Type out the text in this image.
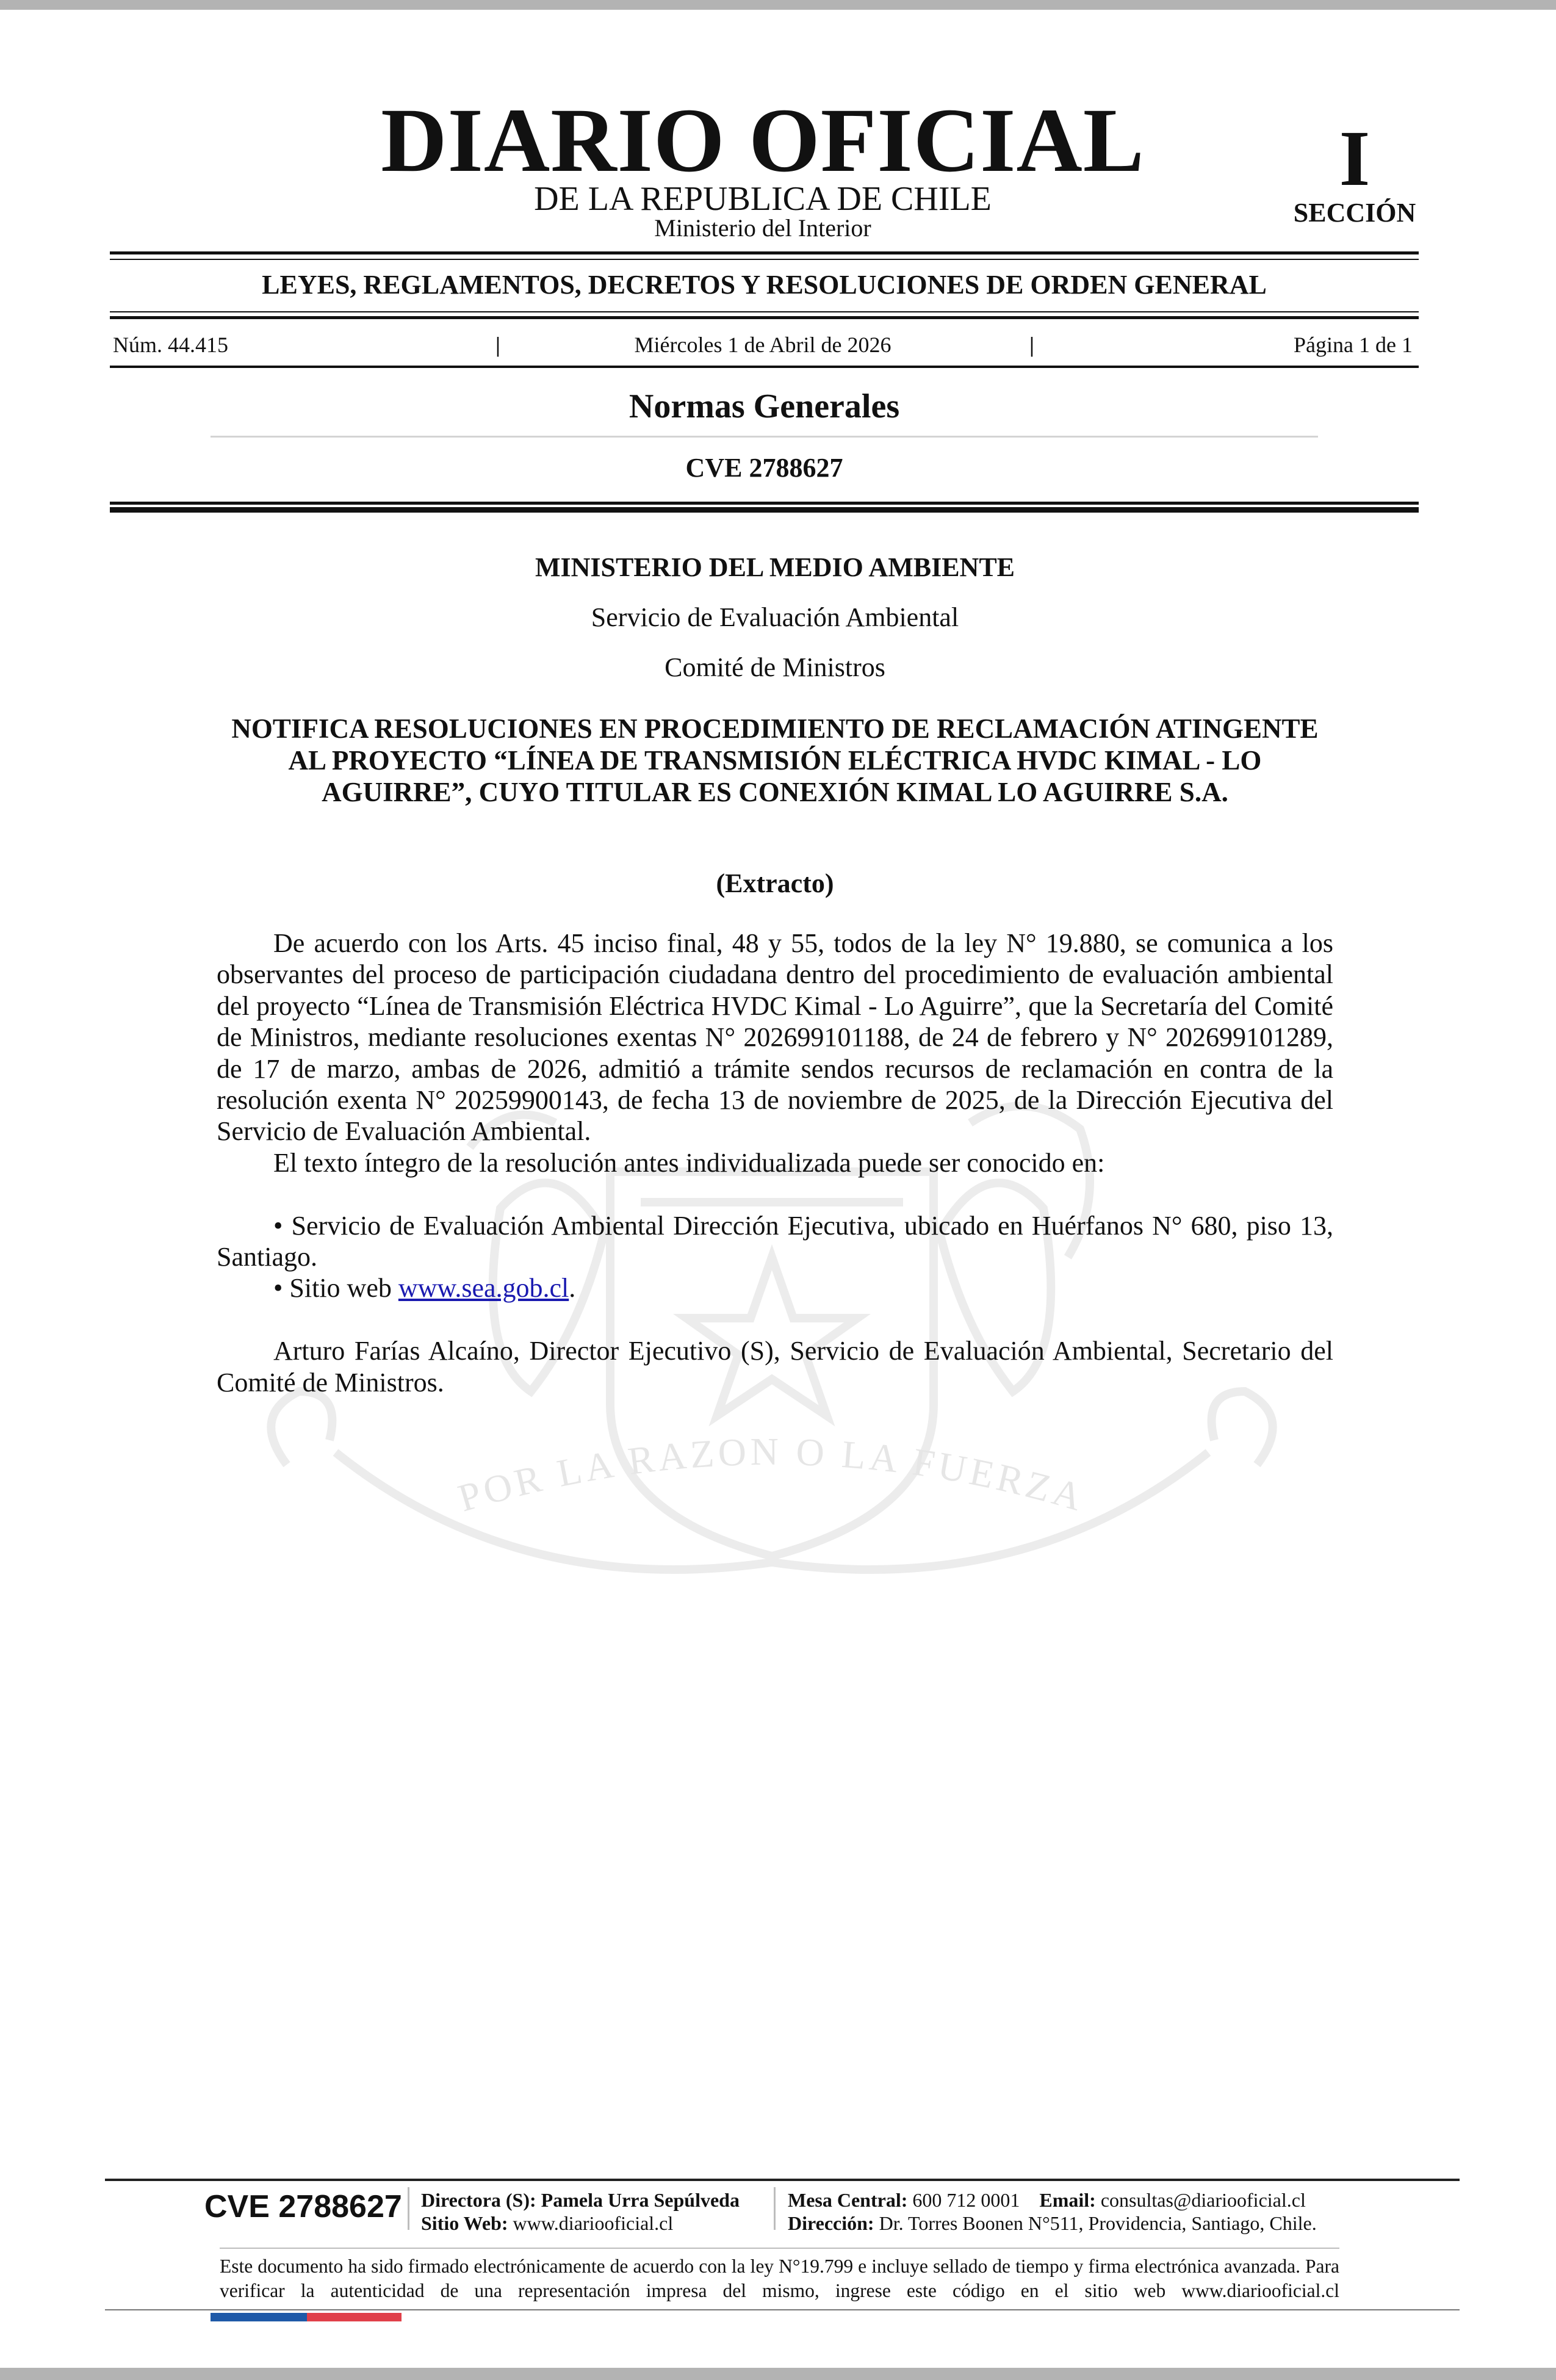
DIARIO OFICIAL
DE LA REPUBLICA DE CHILE
Ministerio del Interior
I
SECCIÓN
LEYES, REGLAMENTOS, DECRETOS Y RESOLUCIONES DE ORDEN GENERAL
Núm. 44.415	|	Miércoles 1 de Abril de 2026	|	Página 1 de 1
Normas Generales
CVE 2788627
POR LA RAZON O LA FUERZA
MINISTERIO DEL MEDIO AMBIENTE
Servicio de Evaluación Ambiental
Comité de Ministros
NOTIFICA RESOLUCIONES EN PROCEDIMIENTO DE RECLAMACIÓN ATINGENTE AL PROYECTO “LÍNEA DE TRANSMISIÓN ELÉCTRICA HVDC KIMAL - LO AGUIRRE”, CUYO TITULAR ES CONEXIÓN KIMAL LO AGUIRRE S.A.
(Extracto)

De acuerdo con los Arts. 45 inciso final, 48 y 55, todos de la ley N° 19.880, se comunica a los observantes del proceso de participación ciudadana dentro del procedimiento de evaluación ambiental del proyecto “Línea de Transmisión Eléctrica HVDC Kimal - Lo Aguirre”, que la Secretaría del Comité de Ministros, mediante resoluciones exentas N° 202699101188, de 24 de febrero y N° 202699101289, de 17 de marzo, ambas de 2026, admitió a trámite sendos recursos de reclamación en contra de la resolución exenta N° 20259900143, de fecha 13 de noviembre de 2025, de la Dirección Ejecutiva del Servicio de Evaluación Ambiental.

El texto íntegro de la resolución antes individualizada puede ser conocido en:

• Servicio de Evaluación Ambiental Dirección Ejecutiva, ubicado en Huérfanos N° 680, piso 13, Santiago.

• Sitio web www.sea.gob.cl.

Arturo Farías Alcaíno, Director Ejecutivo (S), Servicio de Evaluación Ambiental, Secretario del Comité de Ministros.

CVE 2788627 Directora (S): Pamela Urra Sepúlveda
Sitio Web: www.diariooficial.cl
Mesa Central: 600 712 0001 Email: consultas@diariooficial.cl
Dirección: Dr. Torres Boonen N°511, Providencia, Santiago, Chile.
Este documento ha sido firmado electrónicamente de acuerdo con la ley N°19.799 e incluye sellado de tiempo y firma electrónica avanzada. Para verificar la autenticidad de una representación impresa del mismo, ingrese este código en el sitio web www.diariooficial.cl
